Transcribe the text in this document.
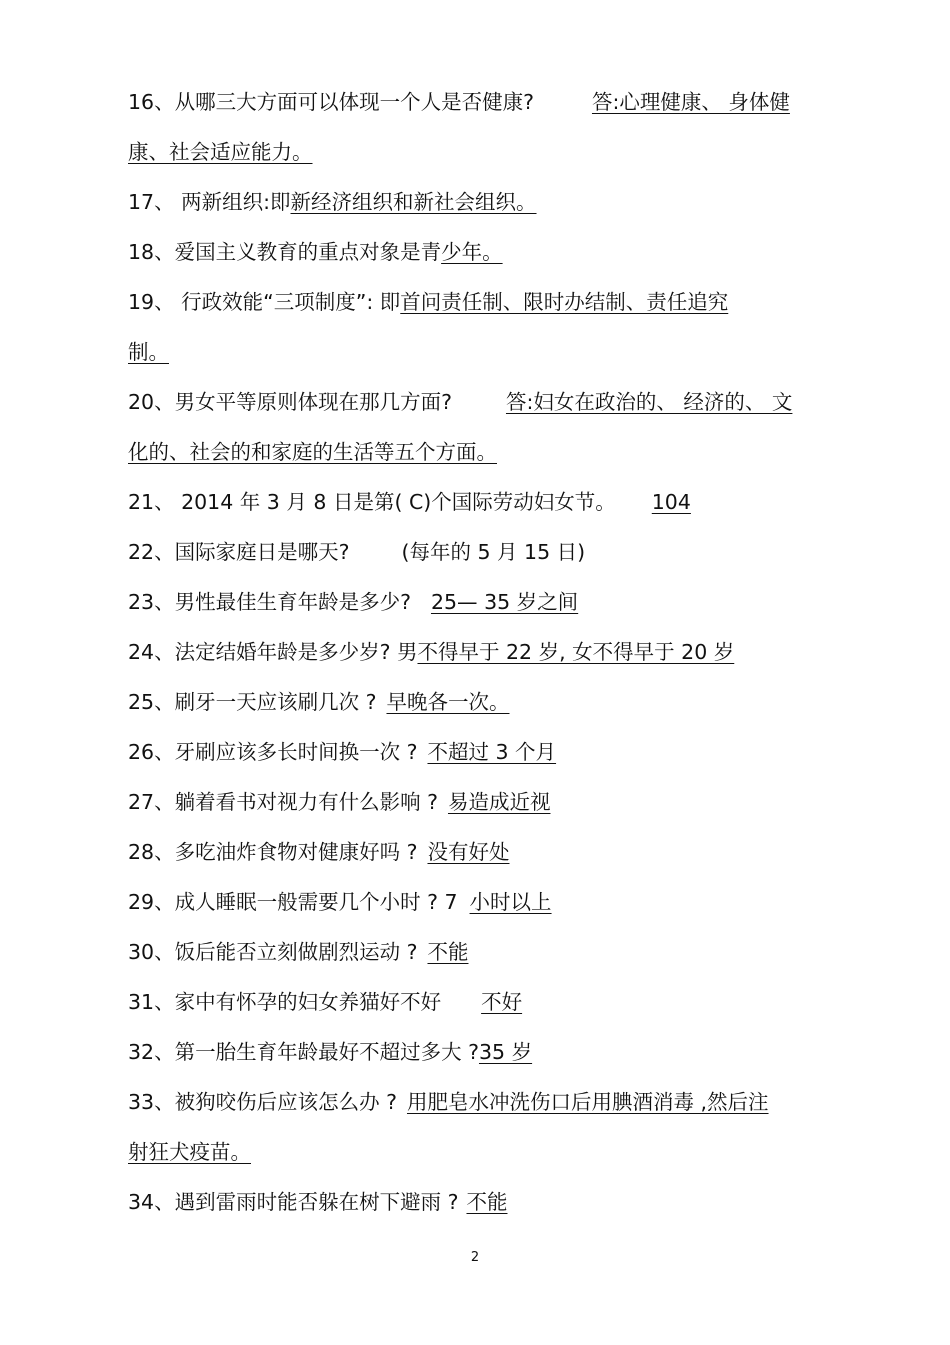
16、从哪三大方面可以体现一个人是否健康?	答:心理健康、 身体健
康、社会适应能力。
17、 两新组织:即新经济组织和新社会组织。
18、爱国主义教育的重点对象是青少年。
19、 行政效能“三项制度”: 即首问责任制、限时办结制、责任追究
制。
20、男女平等原则体现在那几方面?	答:妇女在政治的、 经济的、 文
化的、社会的和家庭的生活等五个方面。
21、 2014 年 3 月 8 日是第( C)个国际劳动妇女节。 104
22、国际家庭日是哪天?	(每年的 5 月 15 日)
23、男性最佳生育年龄是多少? 25— 35 岁之间
24、法定结婚年龄是多少岁? 男不得早于 22 岁, 女不得早于 20 岁
25、刷牙一天应该刷几次 ? 早晚各一次。
26、牙刷应该多长时间换一次 ? 不超过 3 个月
27、躺着看书对视力有什么影响 ? 易造成近视
28、多吃油炸食物对健康好吗 ? 没有好处
29、成人睡眠一般需要几个小时 ? 7 小时以上
30、饭后能否立刻做剧烈运动 ? 不能
31、家中有怀孕的妇女养猫好不好 不好
32、第一胎生育年龄最好不超过多大 ?35 岁
33、被狗咬伤后应该怎么办 ? 用肥皂水冲洗伤口后用腆酒消毒 ,然后注
射狂犬疫苗。
34、遇到雷雨时能否躲在树下避雨 ? 不能
2
